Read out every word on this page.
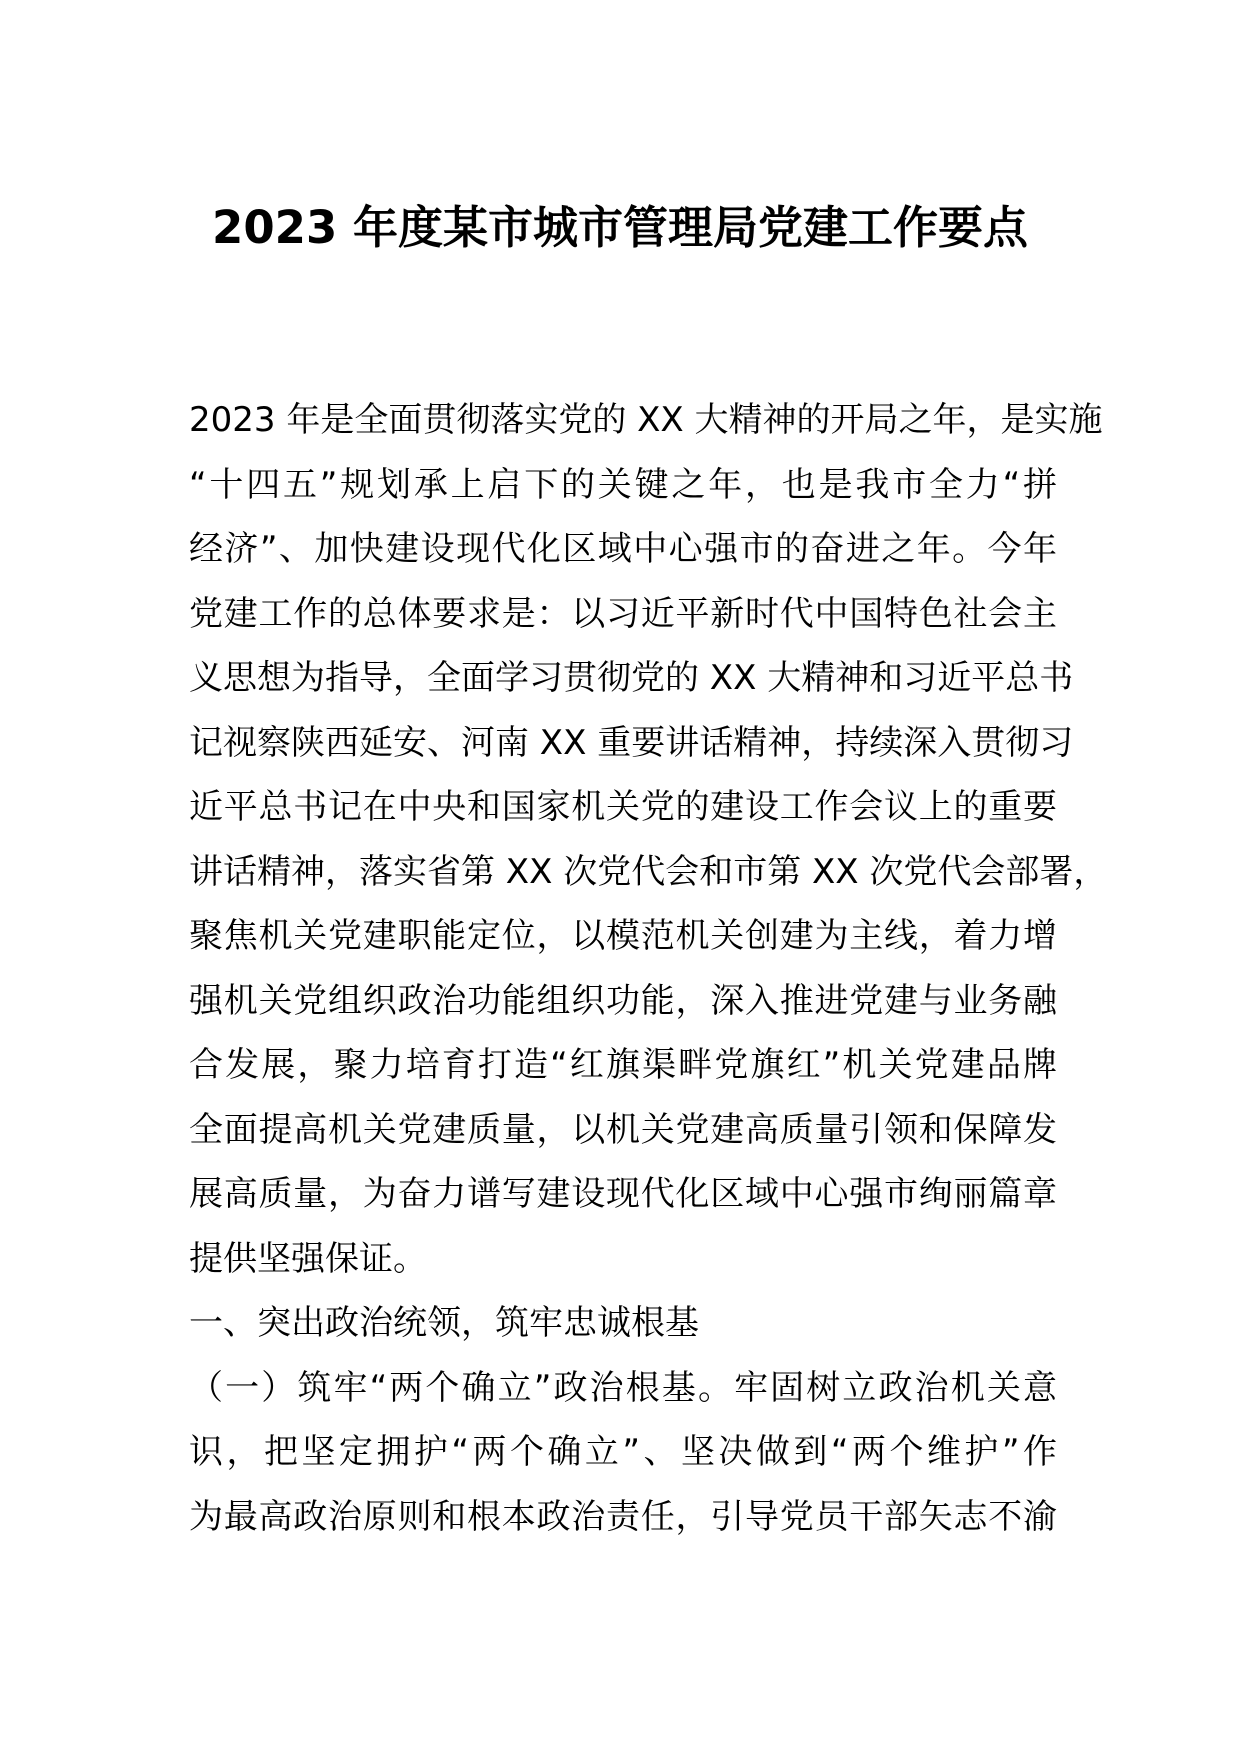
2023 年度某市城市管理局党建工作要点
2023 年是全面贯彻落实党的 XX 大精神的开局之年，是实施
“十四五”规划承上启下的关键之年，也是我市全力“拼
经济”、加快建设现代化区域中心强市的奋进之年。今年
党建工作的总体要求是：以习近平新时代中国特色社会主
义思想为指导，全面学习贯彻党的 XX 大精神和习近平总书
记视察陕西延安、河南 XX 重要讲话精神，持续深入贯彻习
近平总书记在中央和国家机关党的建设工作会议上的重要
讲话精神，落实省第 XX 次党代会和市第 XX 次党代会部署，
聚焦机关党建职能定位，以模范机关创建为主线，着力增
强机关党组织政治功能组织功能，深入推进党建与业务融
合发展，聚力培育打造“红旗渠畔党旗红”机关党建品牌
全面提高机关党建质量，以机关党建高质量引领和保障发
展高质量，为奋力谱写建设现代化区域中心强市绚丽篇章
提供坚强保证。
一、突出政治统领，筑牢忠诚根基
（一）筑牢“两个确立”政治根基。牢固树立政治机关意
识，把坚定拥护“两个确立”、坚决做到“两个维护”作
为最高政治原则和根本政治责任，引导党员干部矢志不渝
